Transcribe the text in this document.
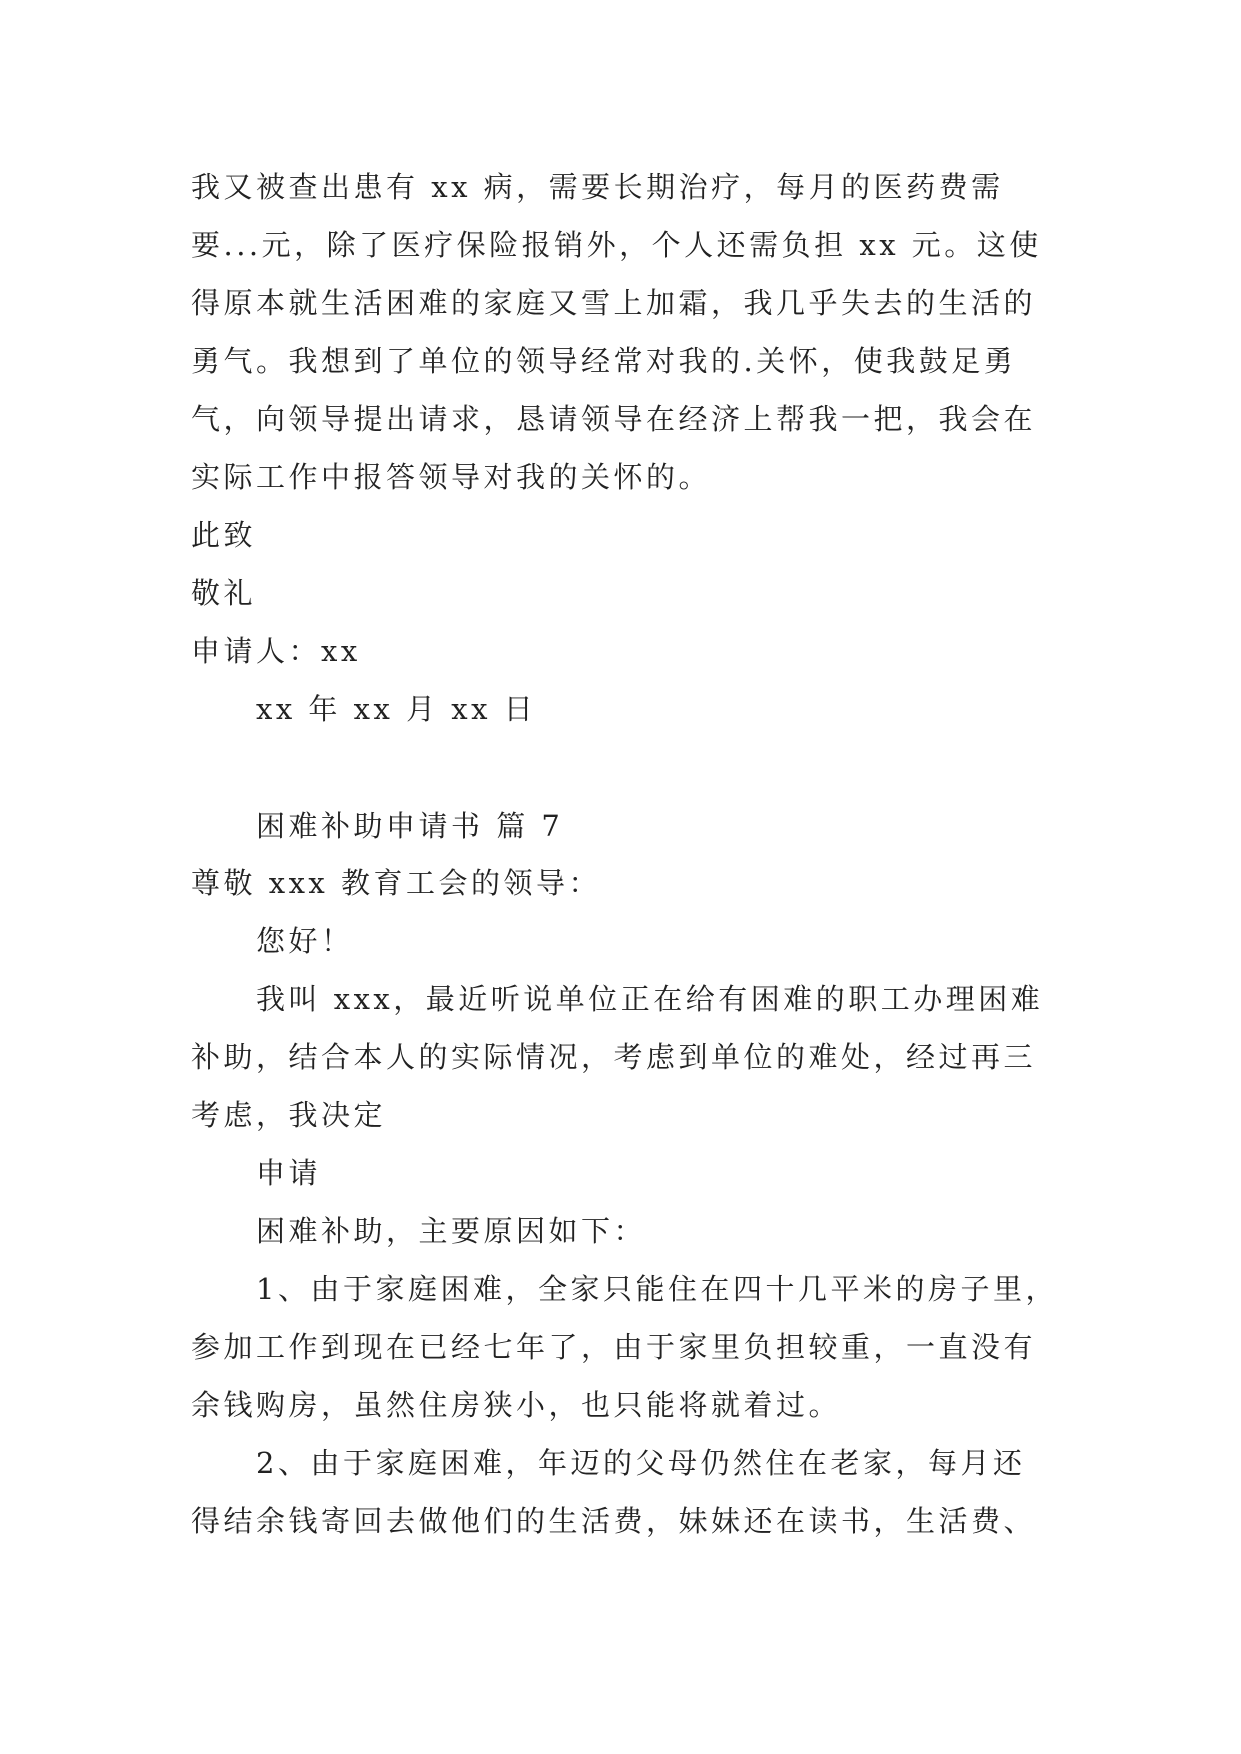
我又被查出患有 xx 病，需要长期治疗，每月的医药费需
要...元，除了医疗保险报销外，个人还需负担 xx 元。这使
得原本就生活困难的家庭又雪上加霜，我几乎失去的生活的
勇气。我想到了单位的领导经常对我的.关怀，使我鼓足勇
气，向领导提出请求，恳请领导在经济上帮我一把，我会在
实际工作中报答领导对我的关怀的。
此致
敬礼
申请人：xx
xx 年 xx 月 xx 日
困难补助申请书 篇 7
尊敬 xxx 教育工会的领导：
您好！
我叫 xxx，最近听说单位正在给有困难的职工办理困难
补助，结合本人的实际情况，考虑到单位的难处，经过再三
考虑，我决定
申请
困难补助，主要原因如下：
1、由于家庭困难，全家只能住在四十几平米的房子里，
参加工作到现在已经七年了，由于家里负担较重，一直没有
余钱购房，虽然住房狭小，也只能将就着过。
2、由于家庭困难，年迈的父母仍然住在老家，每月还
得结余钱寄回去做他们的生活费，妹妹还在读书，生活费、
